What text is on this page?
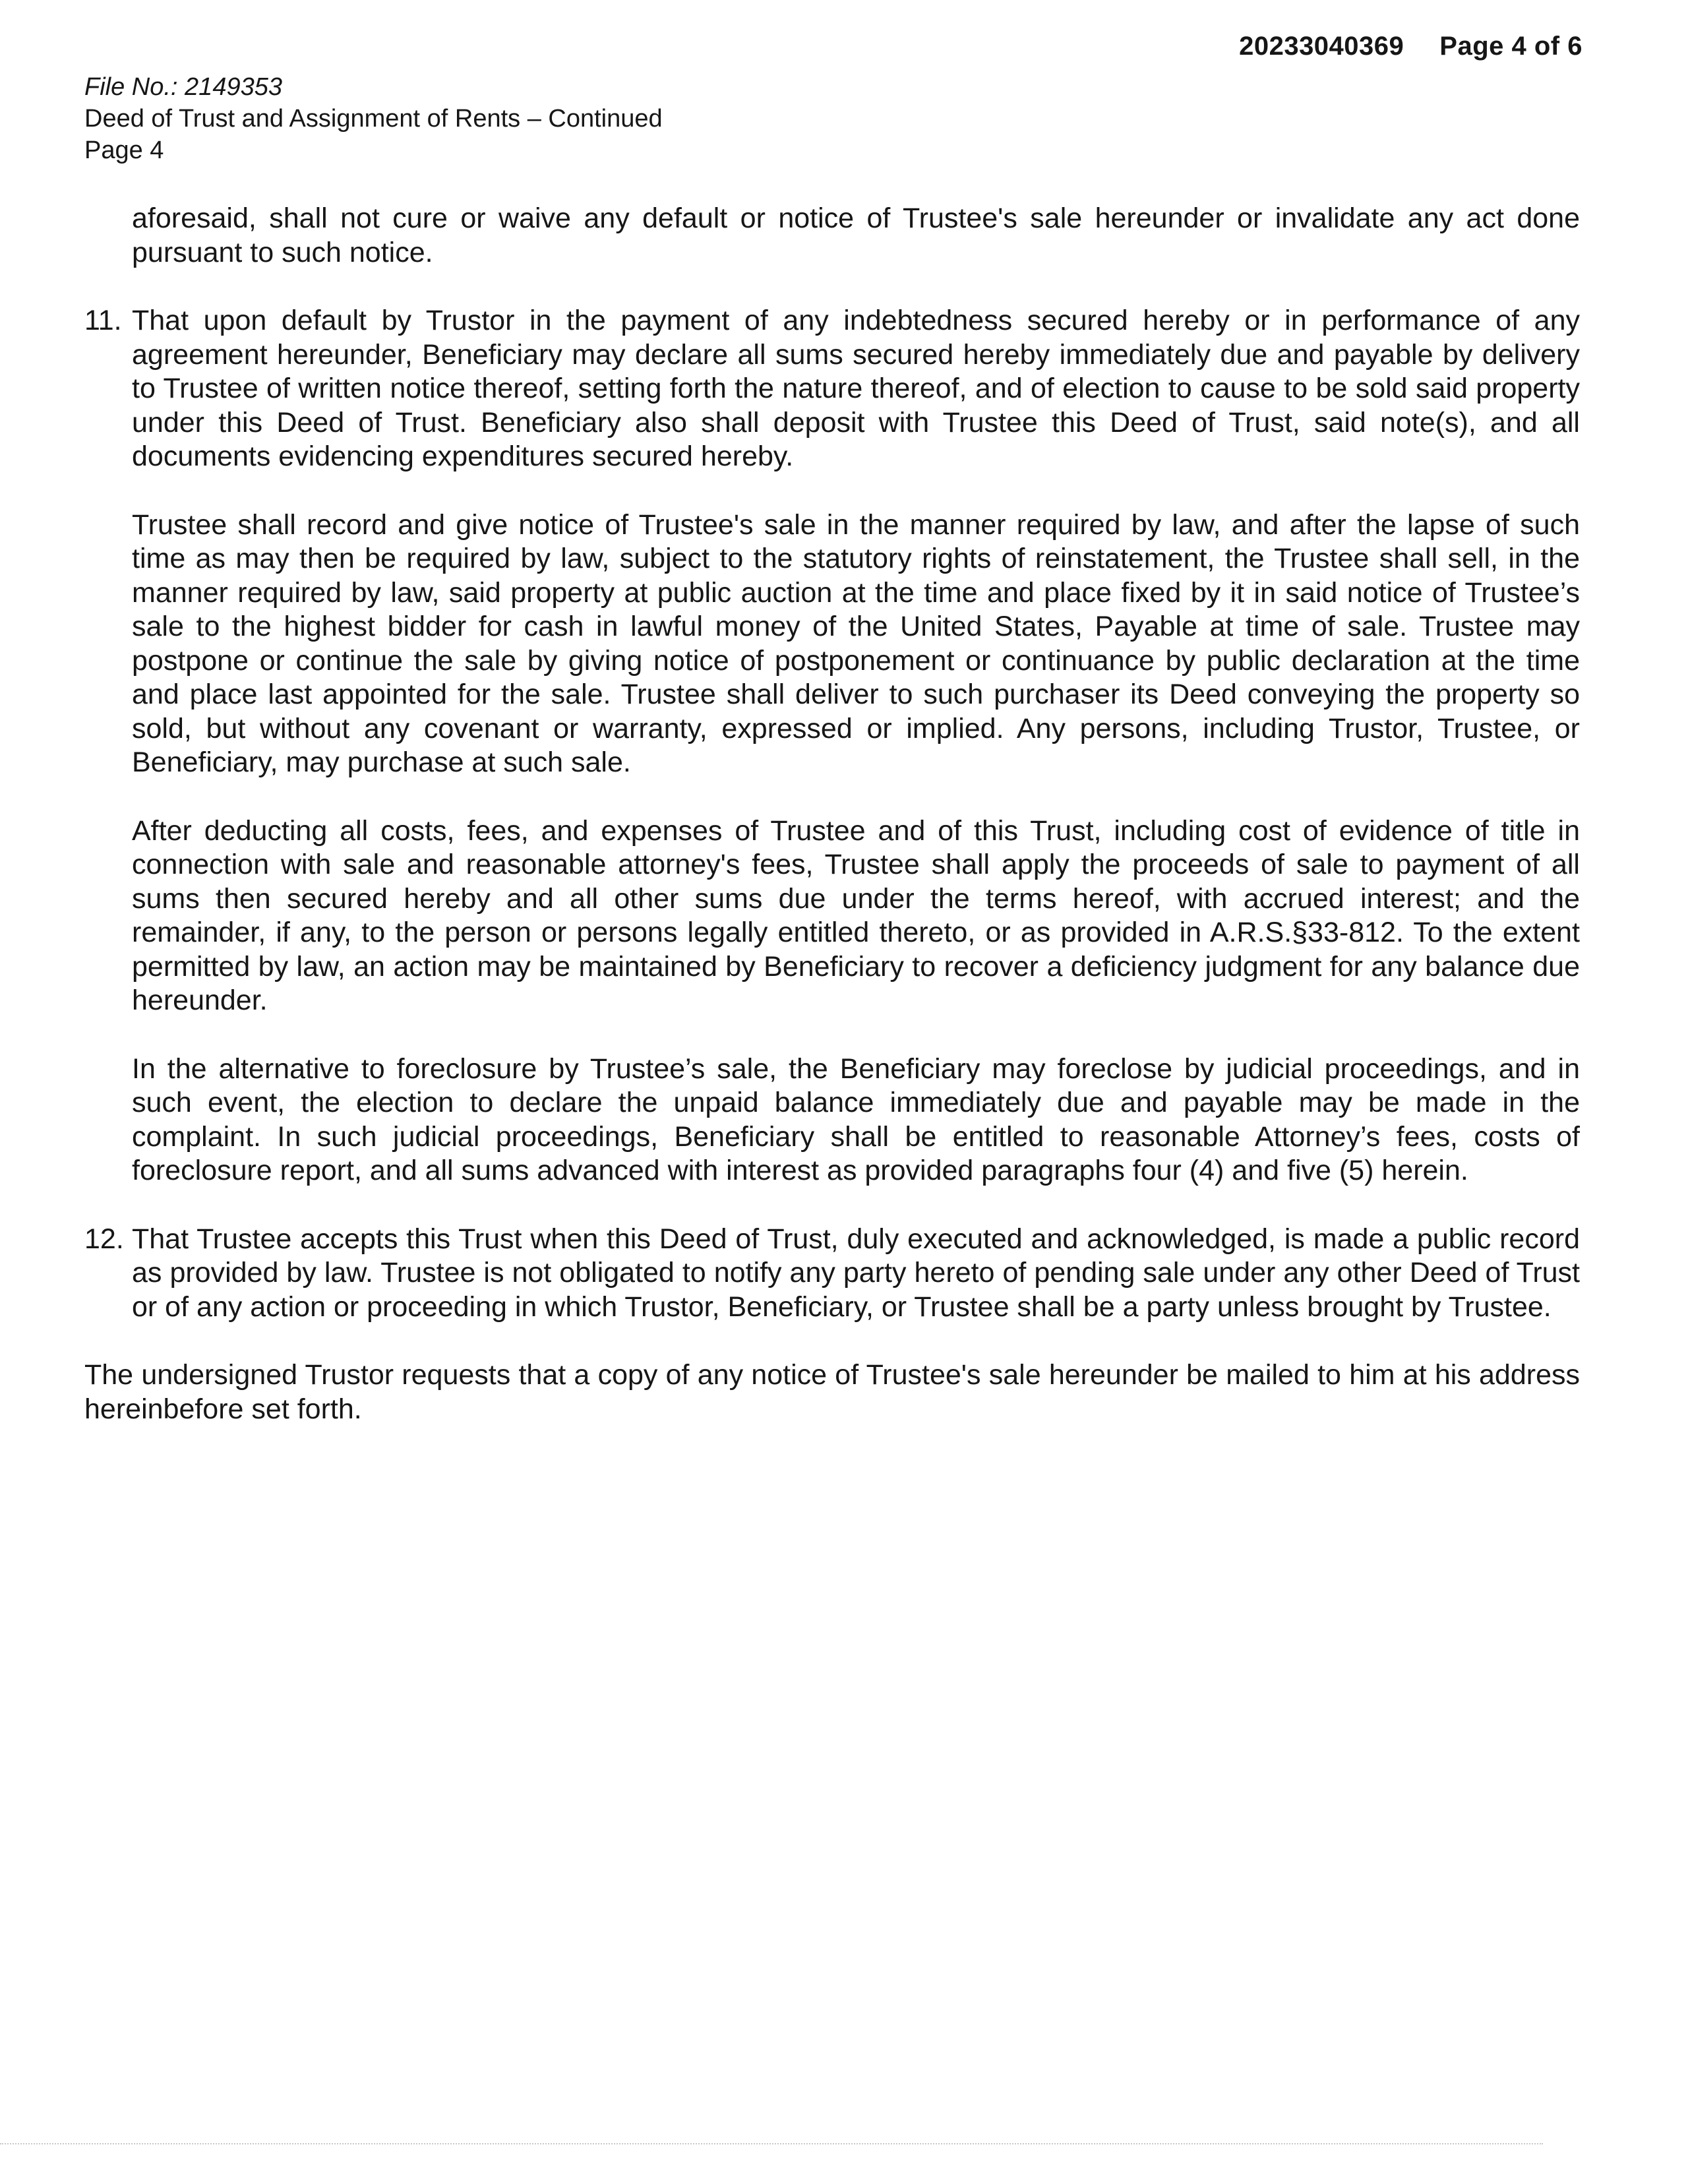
20233040369 Page 4 of 6
File No.: 2149353
Deed of Trust and Assignment of Rents – Continued
Page 4

aforesaid, shall not cure or waive any default or notice of Trustee's sale hereunder or invalidate any act done pursuant to such notice.

11. That upon default by Trustor in the payment of any indebtedness secured hereby or in performance of any agreement hereunder, Beneficiary may declare all sums secured hereby immediately due and payable by delivery to Trustee of written notice thereof, setting forth the nature thereof, and of election to cause to be sold said property under this Deed of Trust. Beneficiary also shall deposit with Trustee this Deed of Trust, said note(s), and all documents evidencing expenditures secured hereby.

Trustee shall record and give notice of Trustee's sale in the manner required by law, and after the lapse of such time as may then be required by law, subject to the statutory rights of reinstatement, the Trustee shall sell, in the manner required by law, said property at public auction at the time and place fixed by it in said notice of Trustee’s sale to the highest bidder for cash in lawful money of the United States, Payable at time of sale. Trustee may postpone or continue the sale by giving notice of postponement or continuance by public declaration at the time and place last appointed for the sale. Trustee shall deliver to such purchaser its Deed conveying the property so sold, but without any covenant or warranty, expressed or implied. Any persons, including Trustor, Trustee, or Beneficiary, may purchase at such sale.

After deducting all costs, fees, and expenses of Trustee and of this Trust, including cost of evidence of title in connection with sale and reasonable attorney's fees, Trustee shall apply the proceeds of sale to payment of all sums then secured hereby and all other sums due under the terms hereof, with accrued interest; and the remainder, if any, to the person or persons legally entitled thereto, or as provided in A.R.S.§33-812. To the extent permitted by law, an action may be maintained by Beneficiary to recover a deficiency judgment for any balance due hereunder.

In the alternative to foreclosure by Trustee’s sale, the Beneficiary may foreclose by judicial proceedings, and in such event, the election to declare the unpaid balance immediately due and payable may be made in the complaint. In such judicial proceedings, Beneficiary shall be entitled to reasonable Attorney’s fees, costs of foreclosure report, and all sums advanced with interest as provided paragraphs four (4) and five (5) herein.

12. That Trustee accepts this Trust when this Deed of Trust, duly executed and acknowledged, is made a public record as provided by law. Trustee is not obligated to notify any party hereto of pending sale under any other Deed of Trust or of any action or proceeding in which Trustor, Beneficiary, or Trustee shall be a party unless brought by Trustee.

The undersigned Trustor requests that a copy of any notice of Trustee's sale hereunder be mailed to him at his address hereinbefore set forth.
